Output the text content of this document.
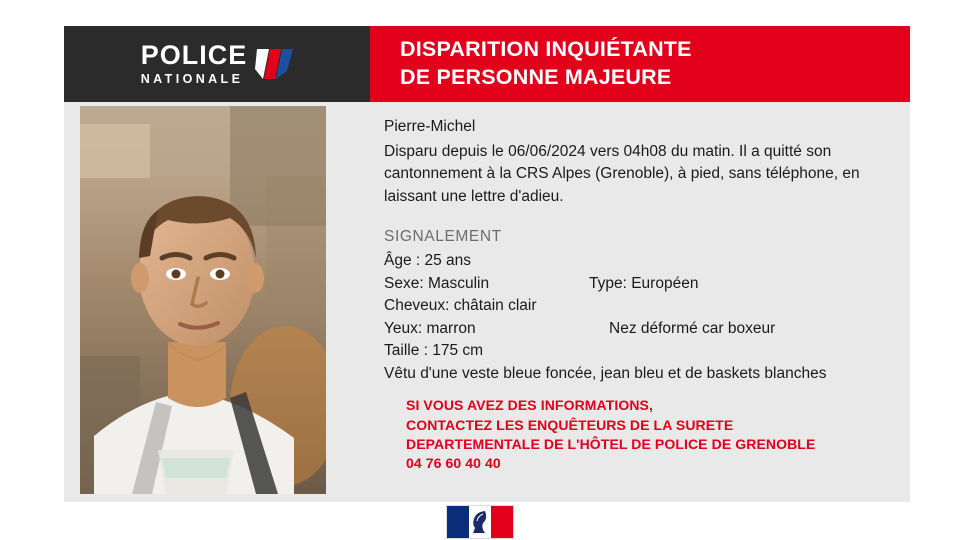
POLICE
NATIONALE
DISPARITION INQUIÉTANTE
DE PERSONNE MAJEURE
Pierre-Michel

Disparu depuis le 06/06/2024 vers 04h08 du matin. Il a quitté son cantonnement à la CRS Alpes (Grenoble), à pied, sans téléphone, en laissant une lettre d'adieu.

SIGNALEMENT
Âge : 25 ans
Sexe: Masculin	Type: Européen
Cheveux: châtain clair
Yeux: marron	Nez déformé car boxeur
Taille : 175 cm
Vêtu d'une veste bleue foncée, jean bleu et de baskets blanches
SI VOUS AVEZ DES INFORMATIONS,
CONTACTEZ LES ENQUÊTEURS DE LA SURETE
DEPARTEMENTALE DE L'HÔTEL DE POLICE DE GRENOBLE
04 76 60 40 40
